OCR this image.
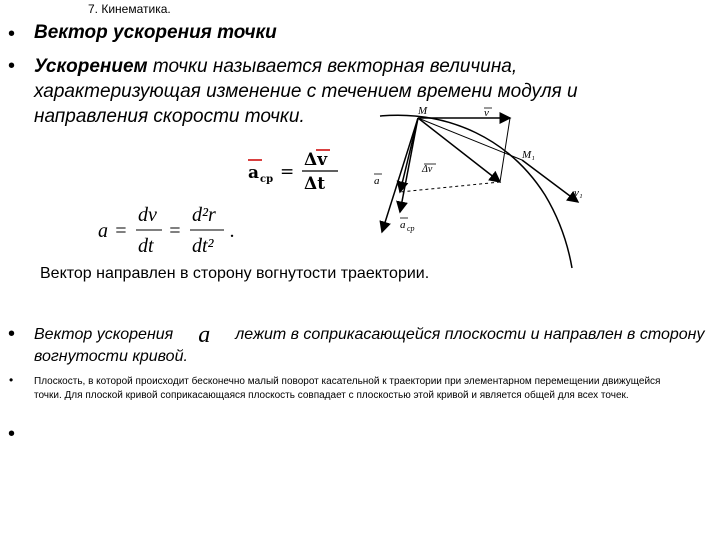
7. Кинематика.
• Вектор ускорения точки
• Ускорением точки называется векторная величина, характеризующая изменение с течением времени модуля и направления скорости точки.
a ср =
Δv
Δt
a =
dv
dt
=
d²r
dt²
.
M	v
M₁
v₁
Δv
a
a ср
Вектор направлен в сторону вогнутости траектории.
• Вектор ускорения a лежит в соприкасающейся плоскости и направлен в сторону вогнутости кривой.
• Плоскость, в которой происходит бесконечно малый поворот касательной к траектории при элементарном перемещении движущейся точки. Для плоской кривой соприкасающаяся плоскость совпадает с плоскостью этой кривой и является общей для всех точек.
•
